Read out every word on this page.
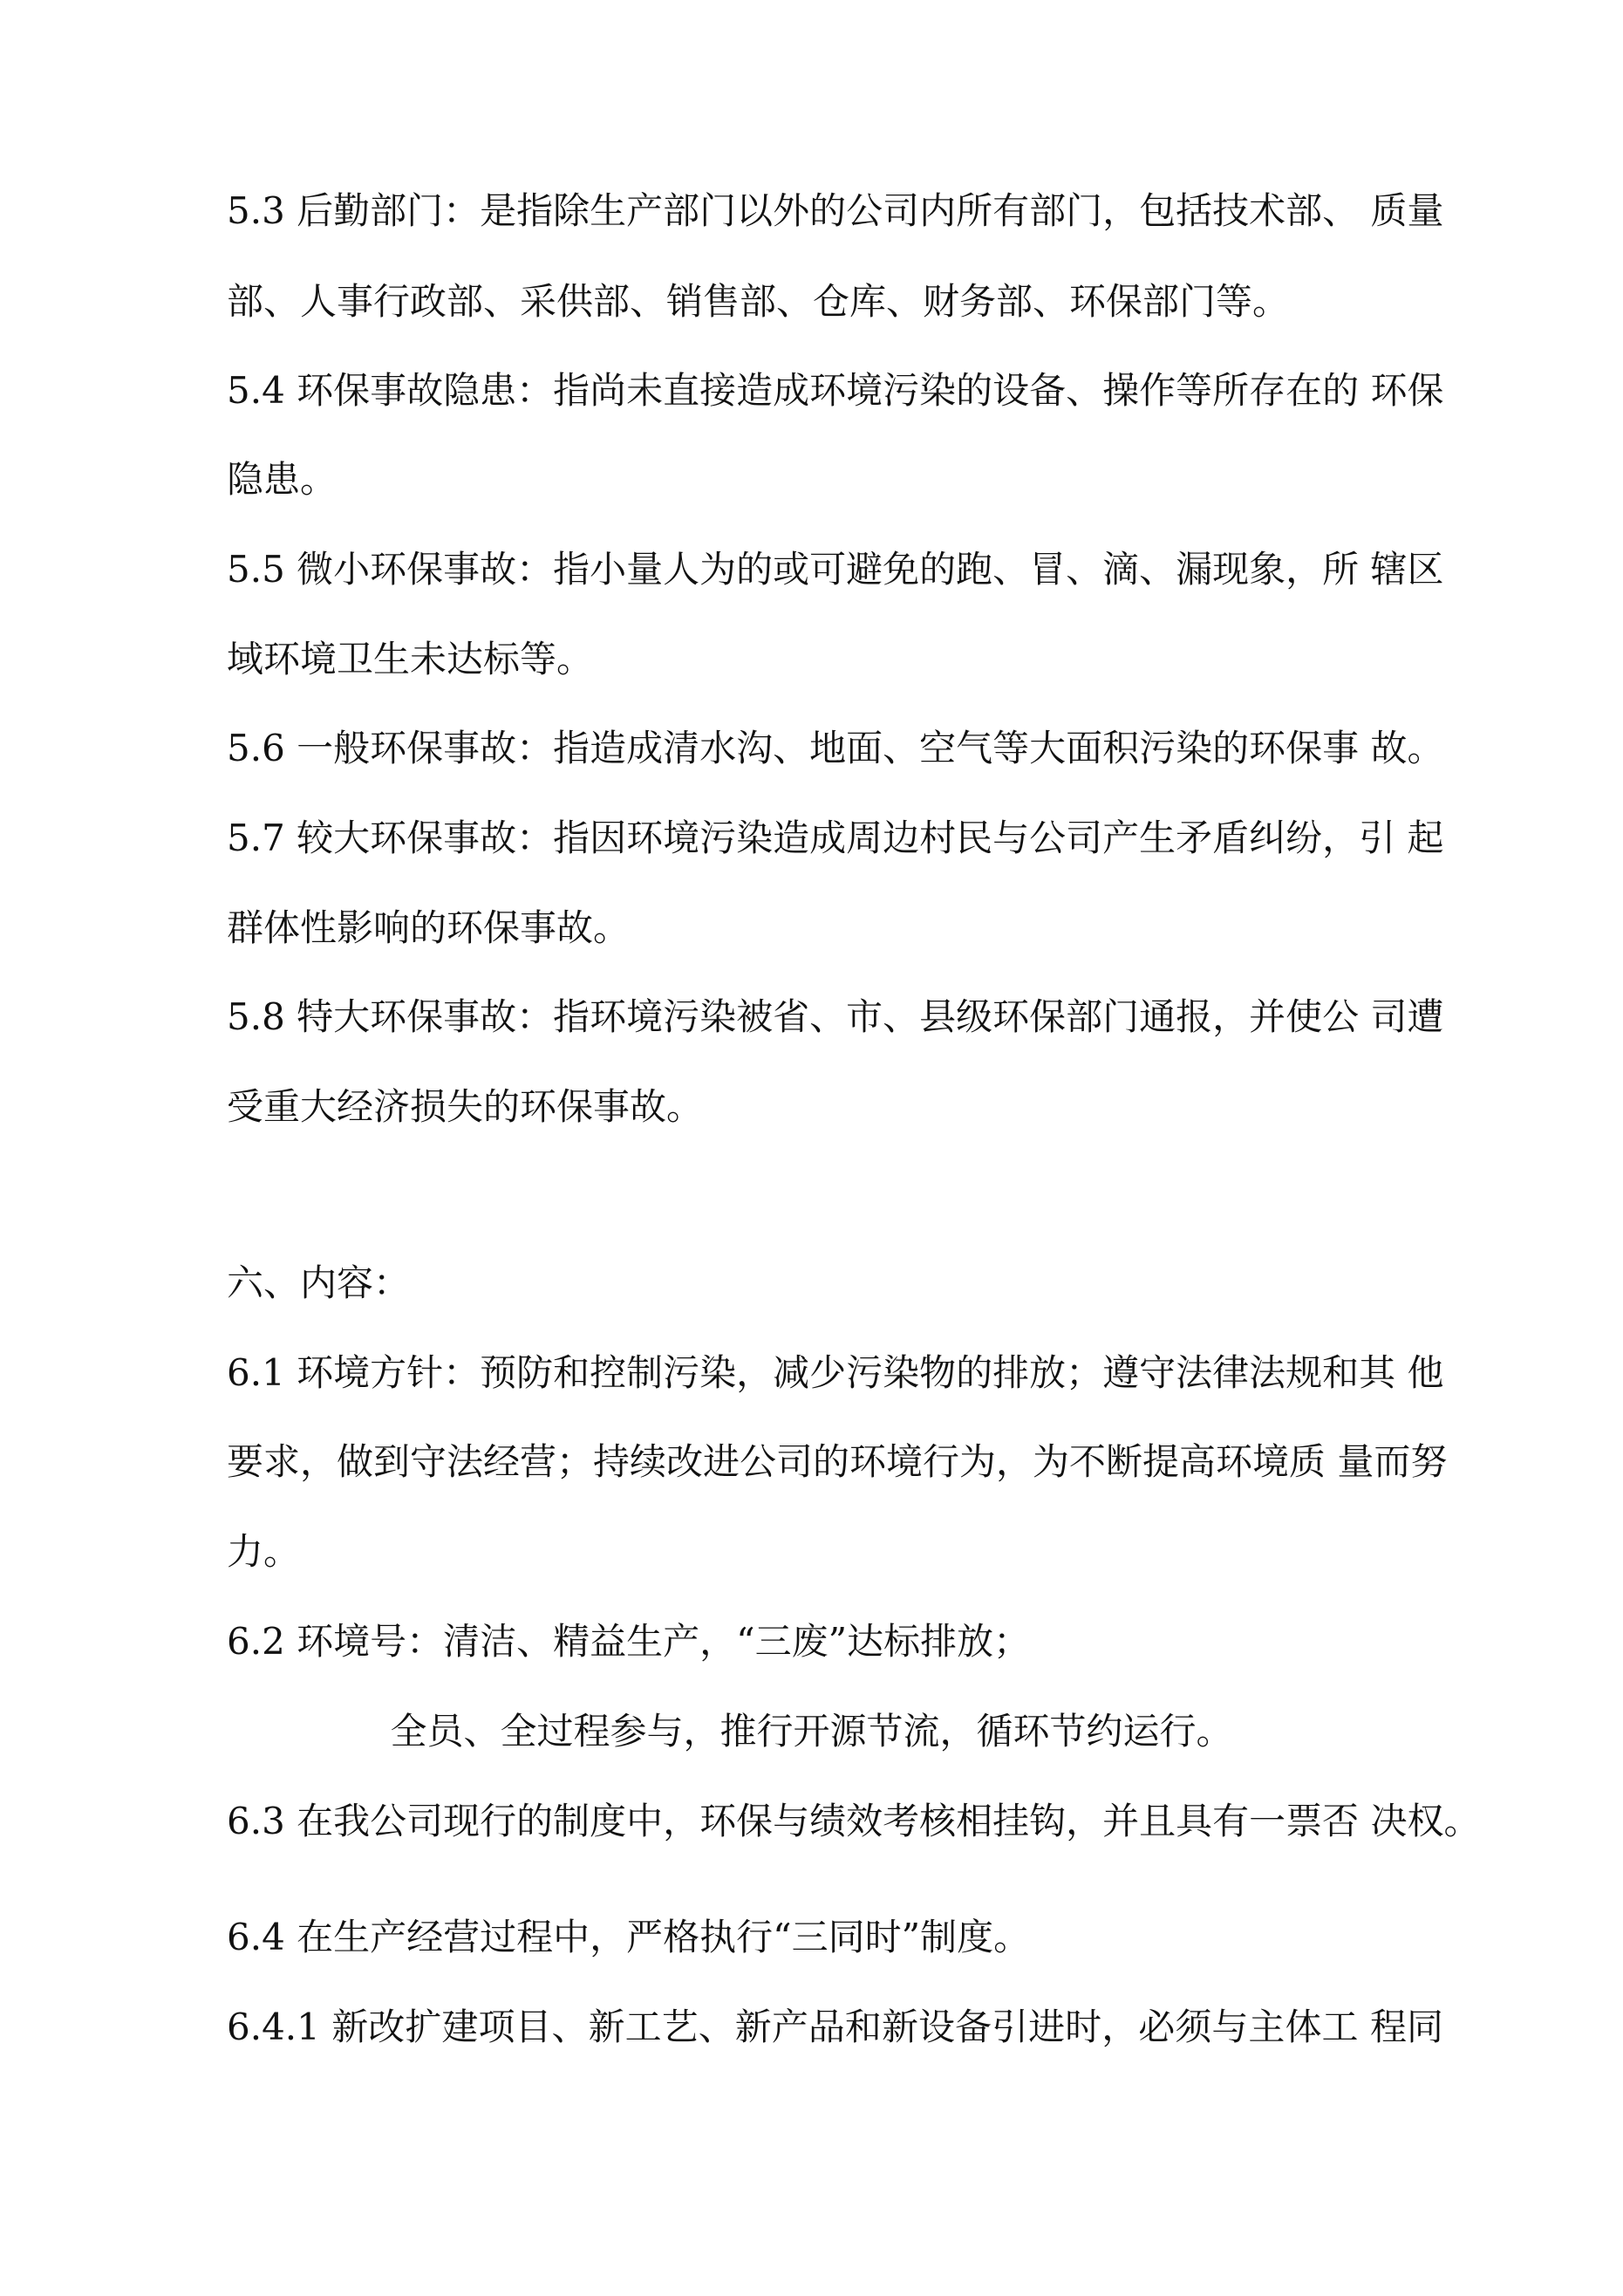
5.3 后勤部门：是指除生产部门以外的公司内所有部门，包括技术部、 质量
部、人事行政部、采供部、销售部、仓库、财务部、环保部门等。
5.4 环保事故隐患：指尚未直接造成环境污染的设备、操作等所存在的 环保
隐患。
5.5 微小环保事故：指小量人为的或可避免的跑、冒、滴、漏现象，所 辖区
域环境卫生未达标等。
5.6 一般环保事故：指造成清水沟、地面、空气等大面积污染的环保事 故。
5.7 较大环保事故：指因环境污染造成周边村民与公司产生矛盾纠纷，引 起
群体性影响的环保事故。
5.8 特大环保事故：指环境污染被省、市、县级环保部门通报，并使公 司遭
受重大经济损失的环保事故。
六、内容：
6.1 环境方针：预防和控制污染，减少污染物的排放；遵守法律法规和其 他
要求，做到守法经营；持续改进公司的环境行为，为不断提高环境质 量而努
力。
6.2 环境号：清洁、精益生产，“三废”达标排放；
全员、全过程参与，推行开源节流，循环节约运行。
6.3 在我公司现行的制度中，环保与绩效考核相挂钩，并且具有一票否 决权。
6.4 在生产经营过程中，严格执行“三同时”制度。
6.4.1 新改扩建项目、新工艺、新产品和新设备引进时，必须与主体工 程同
